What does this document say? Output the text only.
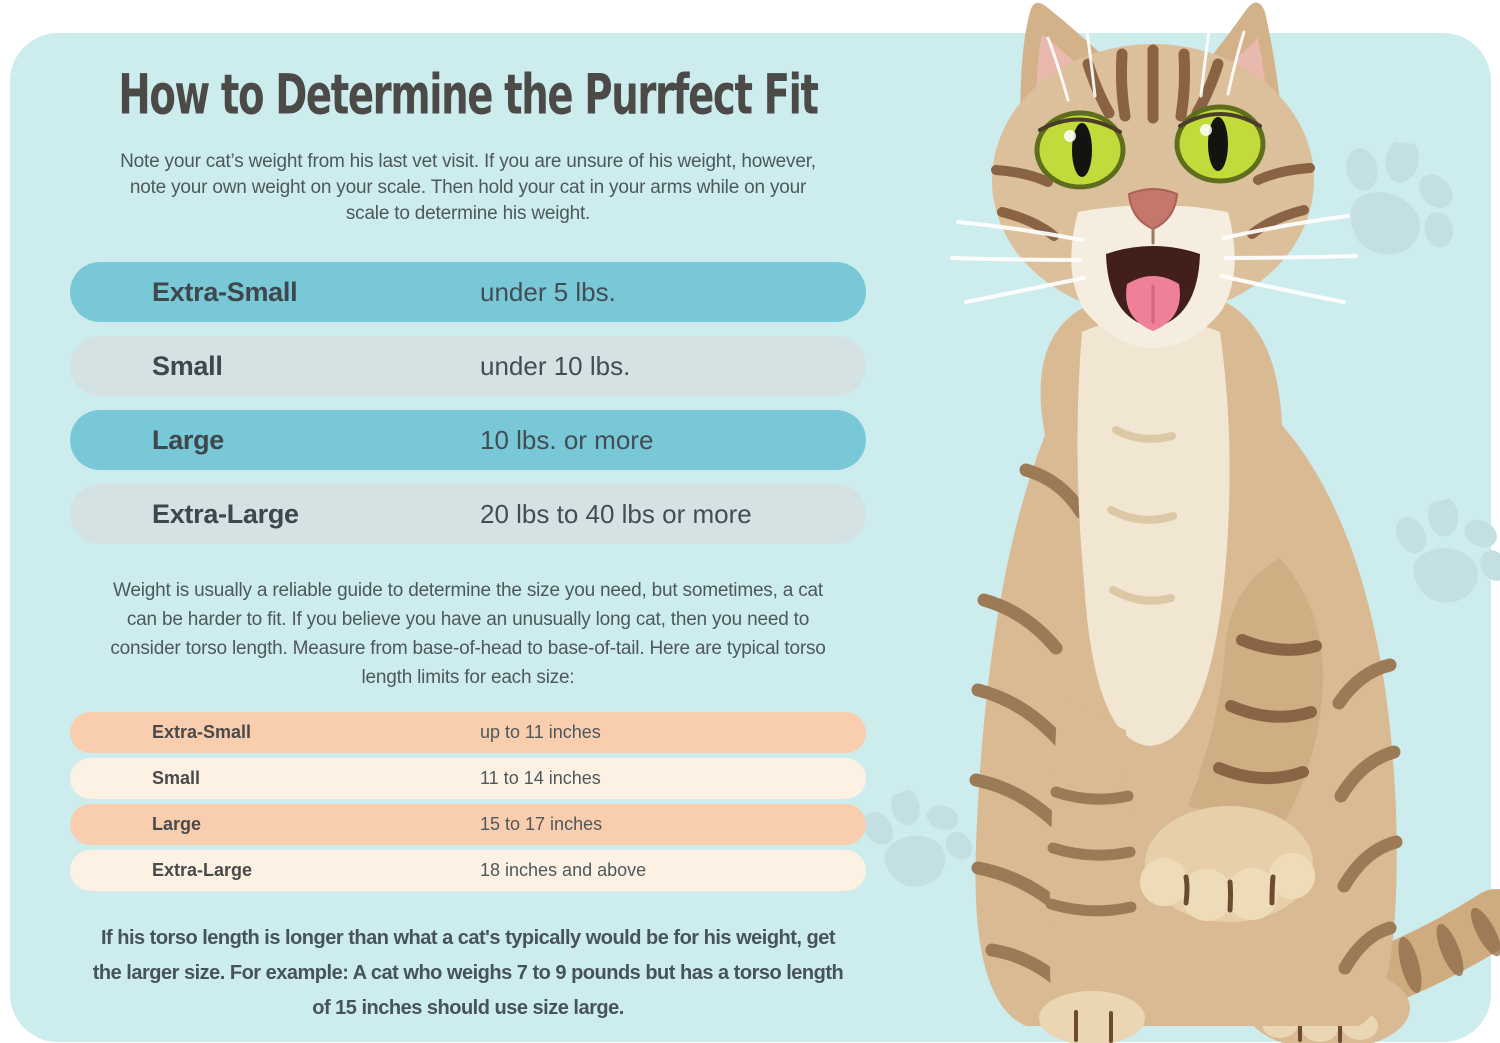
How to Determine the Purrfect Fit

Note your cat’s weight from his last vet visit. If you are unsure of his weight, however,
note your own weight on your scale. Then hold your cat in your arms while on your
scale to determine his weight.

Extra-Small	under 5 lbs.
Small	under 10 lbs.
Large	10 lbs. or more
Extra-Large	20 lbs to 40 lbs or more

Weight is usually a reliable guide to determine the size you need, but sometimes, a cat
can be harder to fit. If you believe you have an unusually long cat, then you need to
consider torso length. Measure from base-of-head to base-of-tail. Here are typical torso
length limits for each size:

Extra-Small	up to 11 inches
Small	11 to 14 inches
Large	15 to 17 inches
Extra-Large	18 inches and above

If his torso length is longer than what a cat's typically would be for his weight, get
the larger size. For example: A cat who weighs 7 to 9 pounds but has a torso length
of 15 inches should use size large.
